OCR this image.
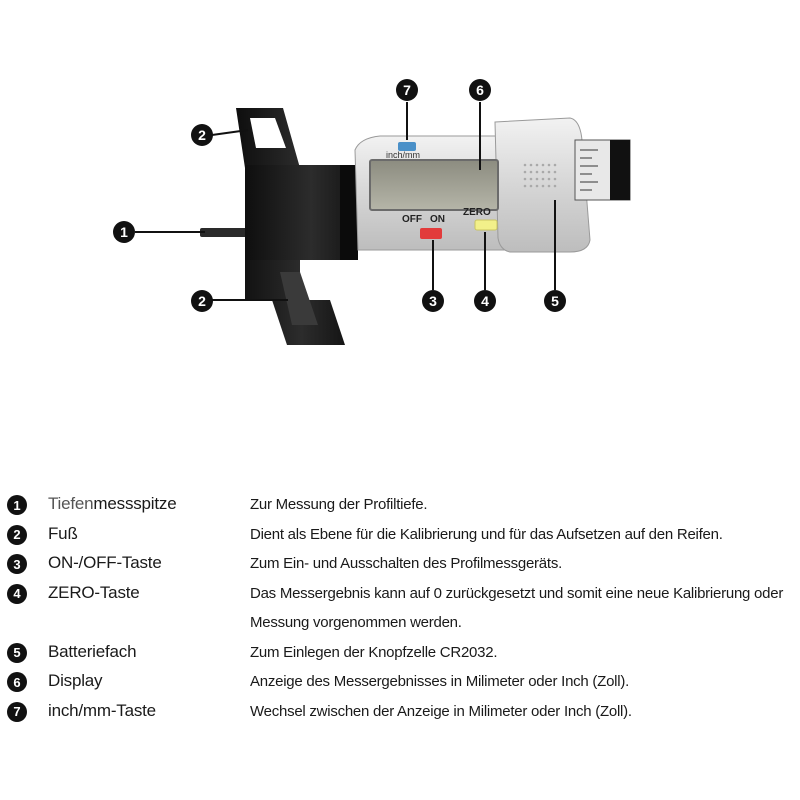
inch/mm
OFF ON
ZERO
1
2
2	3	4	5
6
7
1	Tiefenmessspitze	Zur Messung der Profiltiefe.
2	Fuß	Dient als Ebene für die Kalibrierung und für das Aufsetzen auf den Reifen.
3	ON-/OFF-Taste	Zum Ein- und Ausschalten des Profilmessgeräts.
4	ZERO-Taste	Das Messergebnis kann auf 0 zurückgesetzt und somit eine neue Kalibrierung oder Messung vorgenommen werden.
5	Batteriefach	Zum Einlegen der Knopfzelle CR2032.
6	Display	Anzeige des Messergebnisses in Milimeter oder Inch (Zoll).
7	inch/mm-Taste	Wechsel zwischen der Anzeige in Milimeter oder Inch (Zoll).
